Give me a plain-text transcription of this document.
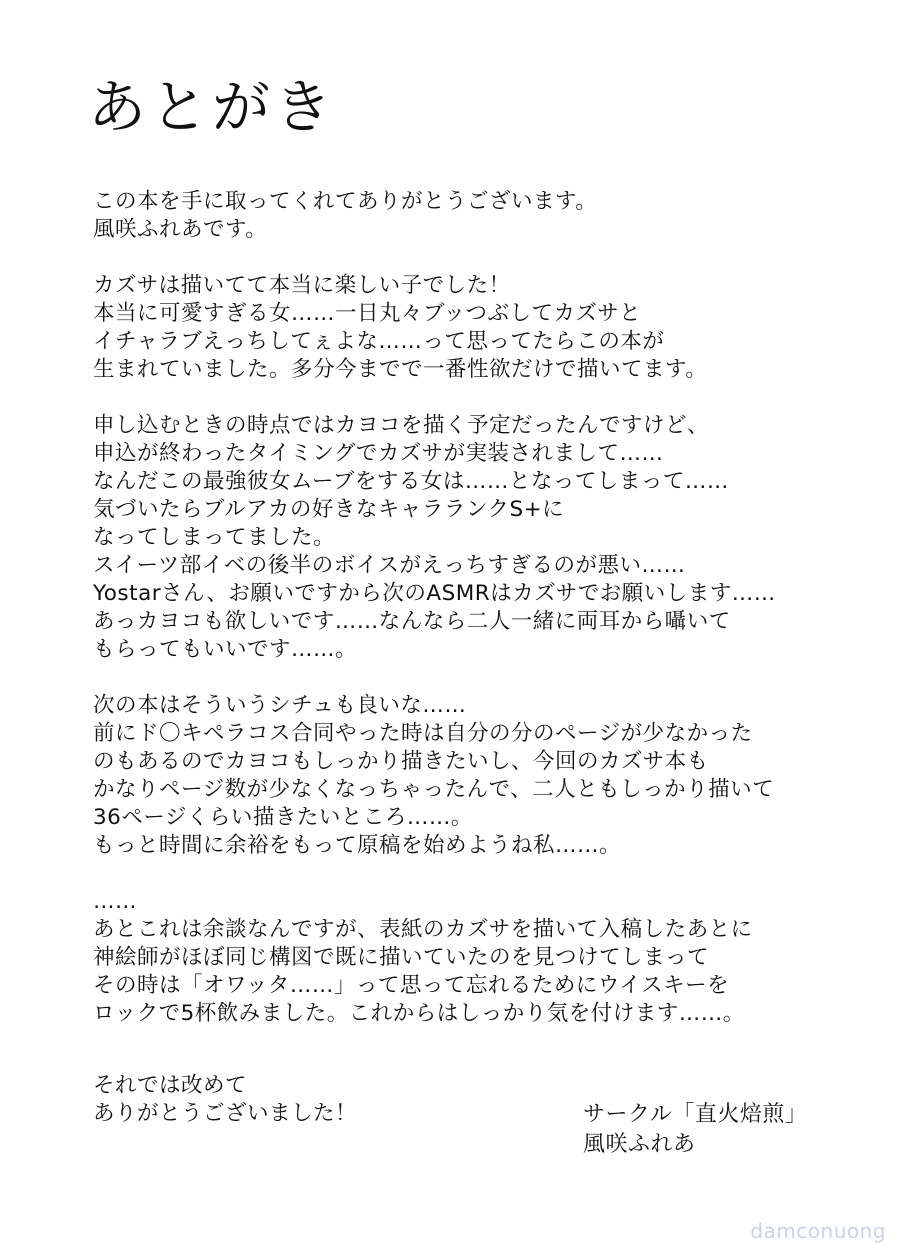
あとがき
この本を手に取ってくれてありがとうございます。
風咲ふれあです。
カズサは描いてて本当に楽しい子でした！
本当に可愛すぎる女……一日丸々ブッつぶしてカズサと
イチャラブえっちしてぇよな……って思ってたらこの本が
生まれていました。多分今までで一番性欲だけで描いてます。
申し込むときの時点ではカヨコを描く予定だったんですけど、
申込が終わったタイミングでカズサが実装されまして……
なんだこの最強彼女ムーブをする女は……となってしまって……
気づいたらブルアカの好きなキャラランクS+に
なってしまってました。
スイーツ部イベの後半のボイスがえっちすぎるのが悪い……
Yostarさん、お願いですから次のASMRはカズサでお願いします……
あっカヨコも欲しいです……なんなら二人一緒に両耳から囁いて
もらってもいいです……。
次の本はそういうシチュも良いな……
前にド〇キペラコス合同やった時は自分の分のページが少なかった
のもあるのでカヨコもしっかり描きたいし、今回のカズサ本も
かなりページ数が少なくなっちゃったんで、二人ともしっかり描いて
36ページくらい描きたいところ……。
もっと時間に余裕をもって原稿を始めようね私……。
……
あとこれは余談なんですが、表紙のカズサを描いて入稿したあとに
神絵師がほぼ同じ構図で既に描いていたのを見つけてしまって
その時は「オワッタ……」って思って忘れるためにウイスキーを
ロックで5杯飲みました。これからはしっかり気を付けます……。
それでは改めて
ありがとうございました！	サークル「直火焙煎」
風咲ふれあ
damconuong
